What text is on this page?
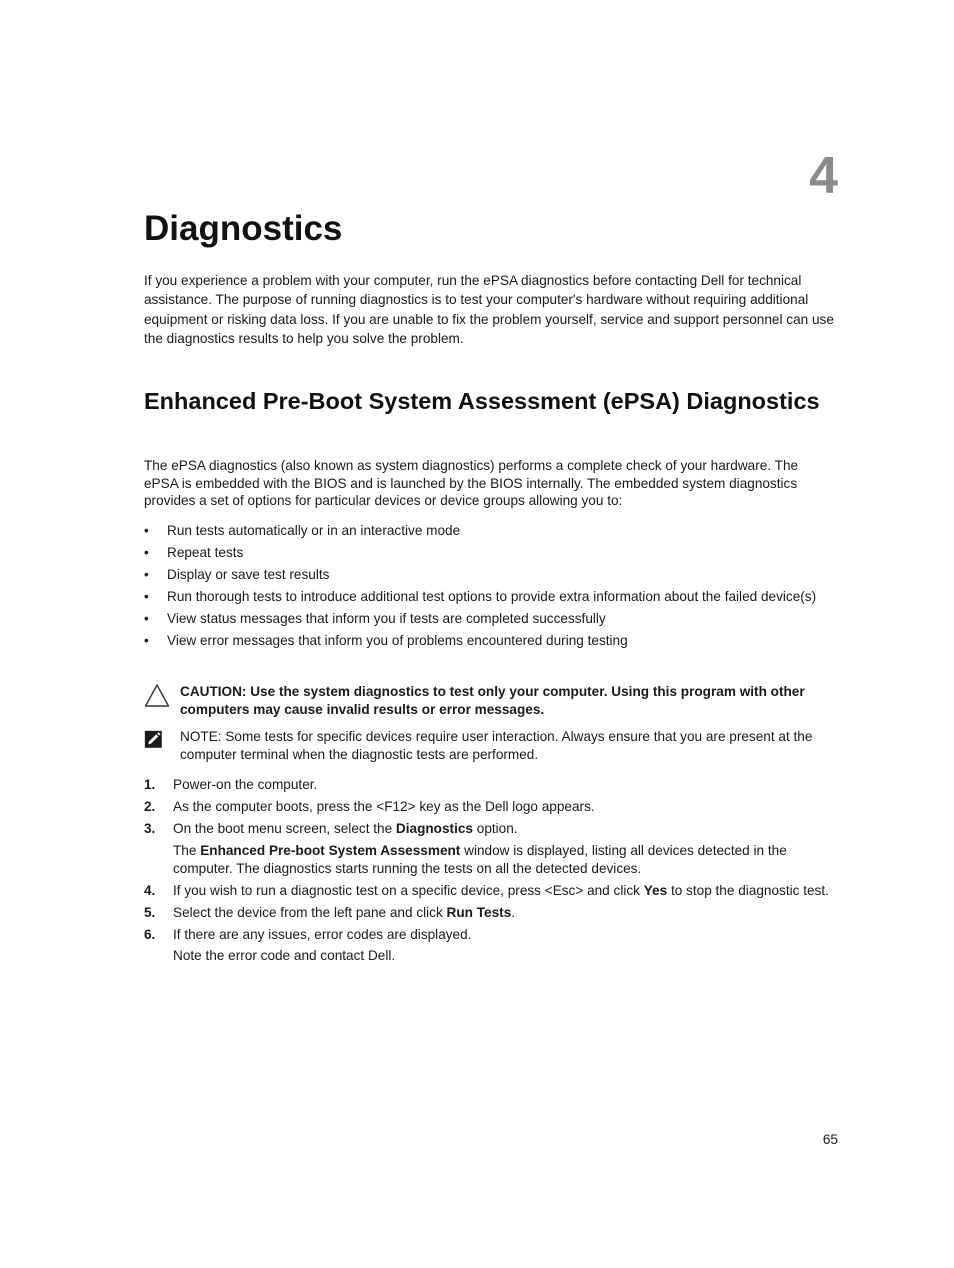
4
Diagnostics

If you experience a problem with your computer, run the ePSA diagnostics before contacting Dell for technical assistance. The purpose of running diagnostics is to test your computer's hardware without requiring additional equipment or risking data loss. If you are unable to fix the problem yourself, service and support personnel can use the diagnostics results to help you solve the problem.

Enhanced Pre-Boot System Assessment (ePSA) Diagnostics

The ePSA diagnostics (also known as system diagnostics) performs a complete check of your hardware. The ePSA is embedded with the BIOS and is launched by the BIOS internally. The embedded system diagnostics provides a set of options for particular devices or device groups allowing you to:

• Run tests automatically or in an interactive mode
• Repeat tests
• Display or save test results
• Run thorough tests to introduce additional test options to provide extra information about the failed device(s)
• View status messages that inform you if tests are completed successfully
• View error messages that inform you of problems encountered during testing
CAUTION: Use the system diagnostics to test only your computer. Using this program with other computers may cause invalid results or error messages.
NOTE: Some tests for specific devices require user interaction. Always ensure that you are present at the computer terminal when the diagnostic tests are performed.
1. Power-on the computer.
2. As the computer boots, press the <F12> key as the Dell logo appears.
3. On the boot menu screen, select the Diagnostics option.
The Enhanced Pre-boot System Assessment window is displayed, listing all devices detected in the computer. The diagnostics starts running the tests on all the detected devices.
4. If you wish to run a diagnostic test on a specific device, press <Esc> and click Yes to stop the diagnostic test.
5. Select the device from the left pane and click Run Tests.
6. If there are any issues, error codes are displayed.
Note the error code and contact Dell.
65
